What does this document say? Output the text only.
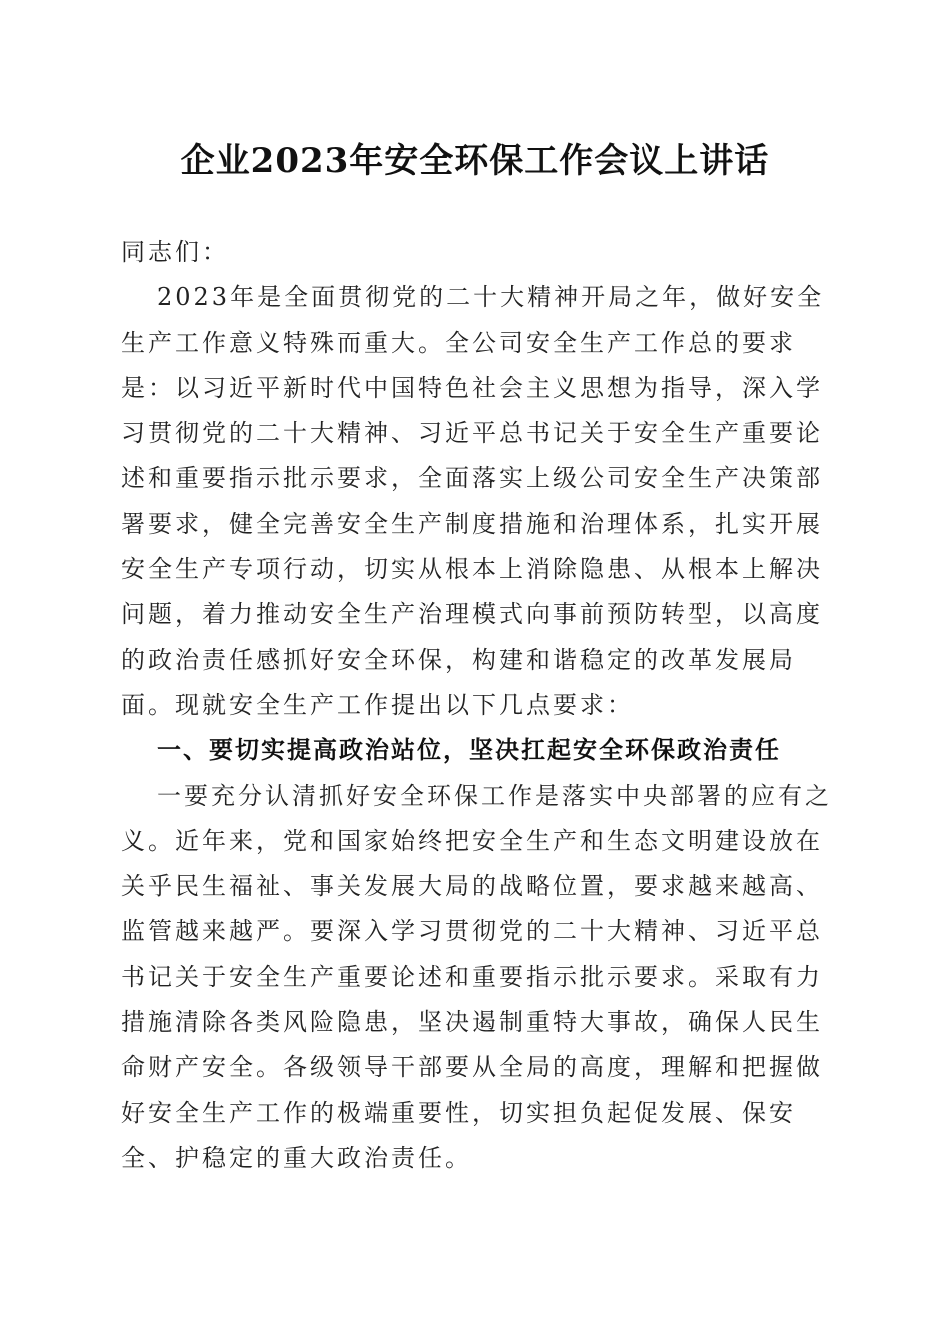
企业2023年安全环保工作会议上讲话

同志们：

2023年是全面贯彻党的二十大精神开局之年，做好安全生产工作意义特殊而重大。全公司安全生产工作总的要求是：以习近平新时代中国特色社会主义思想为指导，深入学习贯彻党的二十大精神、习近平总书记关于安全生产重要论述和重要指示批示要求，全面落实上级公司安全生产决策部署要求，健全完善安全生产制度措施和治理体系，扎实开展安全生产专项行动，切实从根本上消除隐患、从根本上解决问题，着力推动安全生产治理模式向事前预防转型，以高度的政治责任感抓好安全环保，构建和谐稳定的改革发展局面。现就安全生产工作提出以下几点要求：

一、要切实提高政治站位，坚决扛起安全环保政治责任

一要充分认清抓好安全环保工作是落实中央部署的应有之义。近年来，党和国家始终把安全生产和生态文明建设放在关乎民生福祉、事关发展大局的战略位置，要求越来越高、监管越来越严。要深入学习贯彻党的二十大精神、习近平总书记关于安全生产重要论述和重要指示批示要求。采取有力措施清除各类风险隐患，坚决遏制重特大事故，确保人民生命财产安全。各级领导干部要从全局的高度，理解和把握做好安全生产工作的极端重要性，切实担负起促发展、保安全、护稳定的重大政治责任。
